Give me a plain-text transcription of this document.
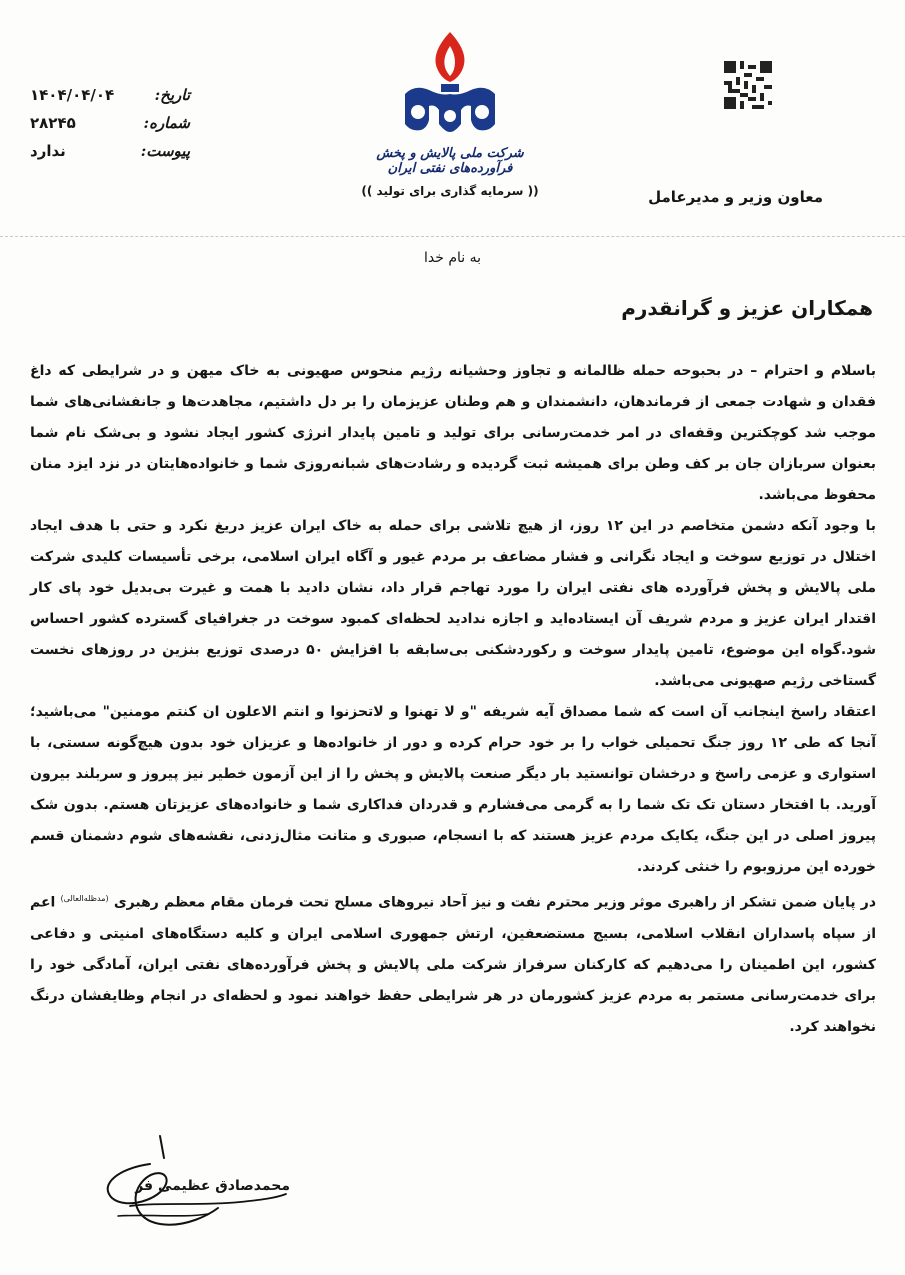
تاریخ:
۱۴۰۴/۰۴/۰۴
شماره:
۲۸۲۴۵
پیوست:
ندارد	شرکت ملی پالایش و پخش فرآورده‌های نفتی ایران
(( سرمایه گذاری برای تولید ))	معاون وزیر و مدیرعامل
به نام خدا
همکاران عزیز و گرانقدرم

باسلام و احترام – در بحبوحه حمله ظالمانه و تجاوز وحشیانه رژیم منحوس صهیونی به خاک میهن و در شرایطی که داغ فقدان و شهادت جمعی از فرماندهان، دانشمندان و هم وطنان عزیزمان را بر دل داشتیم، مجاهدت‌ها و جانفشانی‌های شما موجب شد کوچکترین وقفه‌ای در امر خدمت‌رسانی برای تولید و تامین پایدار انرژی کشور ایجاد نشود و بی‌شک نام شما بعنوان سربازان جان بر کف وطن برای همیشه ثبت گردیده و رشادت‌های شبانه‌روزی شما و خانواده‌هایتان در نزد ایزد منان محفوظ می‌باشد.

با وجود آنکه دشمن متخاصم در این ۱۲ روز، از هیچ تلاشی برای حمله به خاک ایران عزیز دریغ نکرد و حتی با هدف ایجاد اختلال در توزیع سوخت و ایجاد نگرانی و فشار مضاعف بر مردم غیور و آگاه ایران اسلامی، برخی تأسیسات کلیدی شرکت ملی پالایش و پخش فرآورده های نفتی ایران را مورد تهاجم قرار داد، نشان دادید با همت و غیرت بی‌بدیل خود پای کار اقتدار ایران عزیز و مردم شریف آن ایستاده‌اید و اجازه ندادید لحظه‌ای کمبود سوخت در جغرافیای گسترده کشور احساس شود.گواه این موضوع، تامین پایدار سوخت و رکوردشکنی بی‌سابقه با افزایش ۵۰ درصدی توزیع بنزین در روزهای نخست گستاخی رژیم صهیونی می‌باشد.

اعتقاد راسخ اینجانب آن است که شما مصداق آیه شریفه "و لا تهنوا و لاتحزنوا و انتم الاعلون ان کنتم مومنین" می‌باشید؛ آنجا که طی ۱۲ روز جنگ تحمیلی خواب را بر خود حرام کرده و دور از خانواده‌ها و عزیزان خود بدون هیچ‌گونه سستی، با استواری و عزمی راسخ و درخشان توانستید بار دیگر صنعت پالایش و پخش را از این آزمون خطیر نیز پیروز و سربلند بیرون آورید. با افتخار دستان تک تک شما را به گرمی می‌فشارم و قدردان فداکاری شما و خانواده‌های عزیزتان هستم. بدون شک پیروز اصلی در این جنگ، یکایک مردم عزیز هستند که با انسجام، صبوری و متانت مثال‌زدنی، نقشه‌های شوم دشمنان قسم خورده این مرزوبوم را خنثی کردند.

در پایان ضمن تشکر از راهبری موثر وزیر محترم نفت و نیز آحاد نیروهای مسلح تحت فرمان مقام معظم رهبری $^{(مدظله‌العالی)}$ اعم از سپاه پاسداران انقلاب اسلامی، بسیج مستضعفین، ارتش جمهوری اسلامی ایران و کلیه دستگاه‌های امنیتی و دفاعی کشور، این اطمینان را می‌دهیم که کارکنان سرفراز شرکت ملی پالایش و پخش فرآورده‌های نفتی ایران، آمادگی خود را برای خدمت‌رسانی مستمر به مردم عزیز کشورمان در هر شرایطی حفظ خواهند نمود و لحظه‌ای در انجام وظایفشان درنگ نخواهند کرد.

محمدصادق عظیمی فر
